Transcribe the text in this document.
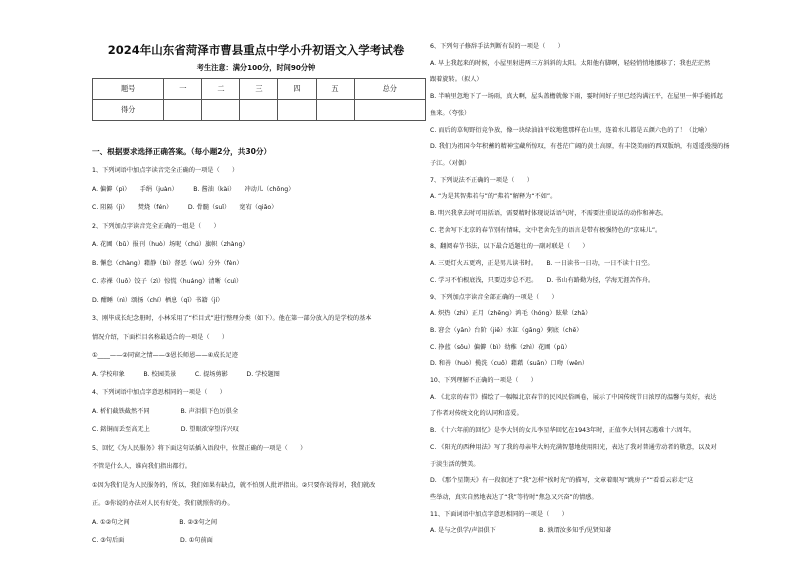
2024年山东省菏泽市曹县重点中学小升初语文入学考试卷
考生注意：满分100分，时间90分钟
题号	一	二	三	四	五	总分
得分						
一、根据要求选择正确答案。（每小题2分，共30分）
1、下列词语中加点字读音完全正确的一项是（　　）
A. 偏僻（pì）　　手绢（juàn）　　　B. 酱油（kài）　　冲动儿（chōng）
C. 阻隔（jì）　　焚烧（fén）　　　D. 骨髓（suǐ）　　宽宥（qiǎo）
2、下列加点字读音完全正确的一组是（　　）
A. 花圃（bǔ）报刊（huò）场呢（chú）旗帜（zhàng）
B. 懈怠（chàng）藉静（bì）督恶（wù）分外（fèn）
C. 赤裸（luǒ）饺子（zì）惊慌（huáng）清晰（cuì）
D. 酣睡（nì）颂扬（chí）栖息（qī）书籍（jí）
3、刚毕成长纪念册时，小林采用了“栏目式”进行整理分类（如下）。他在第一部分放入的是学校的基本
情况介绍，下面栏目名称最适合的一项是（　　）
①____——②同窗之情——③恩长师恩——④成长足迹
A. 学校印象　　　B. 校园美景　　　C. 提场剪影　　　D. 学校题图
4、下列词语中加点字意思相同的一项是（　　）
A. 析们截铁截然不同　　　　　B. 声泪俱下色厉俱全
C. 銘铜而丢至高无上　　　　　D. 望眼欲穿望洋兴叹
5、回忆《为人民服务》将下面这句话插入语段中，位置正确的一项是（　　）
不管是什么人，谁向我们指出都行。
①因为我们是为人民服务的，所以，我们如果有缺点，就不怕别人批评指出。②只要你说得对，我们就改
正。③你说的办法对人民有好处，我们就照你的办。
A. ①②句之间　　　　　　　　B. ②③句之间
C. ③句后面　　　　　　　　　D. ①句前面
6、下列句子修辞手法判断有误的一项是（　　）
A. 早上我起来的时候，小屋里射进两三方斜斜的太阳。太阳他有脚啊，轻轻悄悄地挪移了；我也茫茫然
跟着旋转。（拟人）
B. 半响里忽地下了一场雨，真大啊，屋头盖檐就像下雨，霎时间好子里已经沟满汪平，在屋里一伸手能抓起
鱼来。（夸张）
C. 而后的草甸野衍竞争放，像一块绿油油平纹地毯那样在山里，连着水儿都是五颜六色的了！（比喻）
D. 我们为祖国今年积蓄的精神宝藏所惊叹，有苍茫广阔的黄土高原，有丰饶美丽的西双版纳，有遥遥漫漫的扬
子江。（对偶）
7、下列说法不正确的一项是（　　）
A. “为是其智弗若与”的“弗若”解释为“不如”。
B. 明兴我拿去时可用括语，需要精时体现说话语气时，不需要注重说话的动作和神态。
C. 老舍写下北京的春节别有情味，文中老舍先生的语言是带有极强特色的“京味儿”。
8、翻阅春节书法，以下最合适题壮的一副对联是（　　）
A. 三更灯火五更鸡，正是男儿读书时。　　B. 一日读书一日功，一日不读十日空。
C. 学习不怕根底浅，只要迈步总不迟。　　D. 书山有路勤为径，学海无涯苦作舟。
9、下列加点字读音全部正确的一项是（　　）
A. 炽热（zhì）正月（zhēng）鸿毛（hóng）眩晕（zhā）
B. 窘会（yān）台阶（jiē）水缸（gāng）粥底（chē）
C. 挣蓝（sōu）偏僻（bì）幼稚（zhì）花圃（pǔ）
D. 和善（huò）揽洗（cuō）藉藉（suān）口吻（wěn）
10、下列理解不正确的一项是（　　）
A. 《北京的春节》描绘了一幅幅北京春节的民风民俗画卷，展示了中国传统节日浓厚的温馨与美好，表达
了作者对传统文化的认同和喜爱。
B. 《十六年前的回忆》是李大钊的女儿李星华回忆在1943年时，正值李大钊同志遇难十六周年。
C. 《阳光的西种用法》写了我的母亲毕大妈充满智慧地使用阳光，表达了我对普通劳动者的敬意，以及对
于淡生活的赞美。
D. 《那个星期天》有一段叙述了“我”怎样“挨时光”的描写，文章着眼写“跳房子”“看看云彩走”这
些举动，真实自然地表达了“我”等待时“焦急又兴奋”的情感。
11、下面词语中加点字意思相同的一项是（　　）
A. 是与之俱学/声泪俱下　　　　　　　B. 孰谓汝多知乎/见贤知著
